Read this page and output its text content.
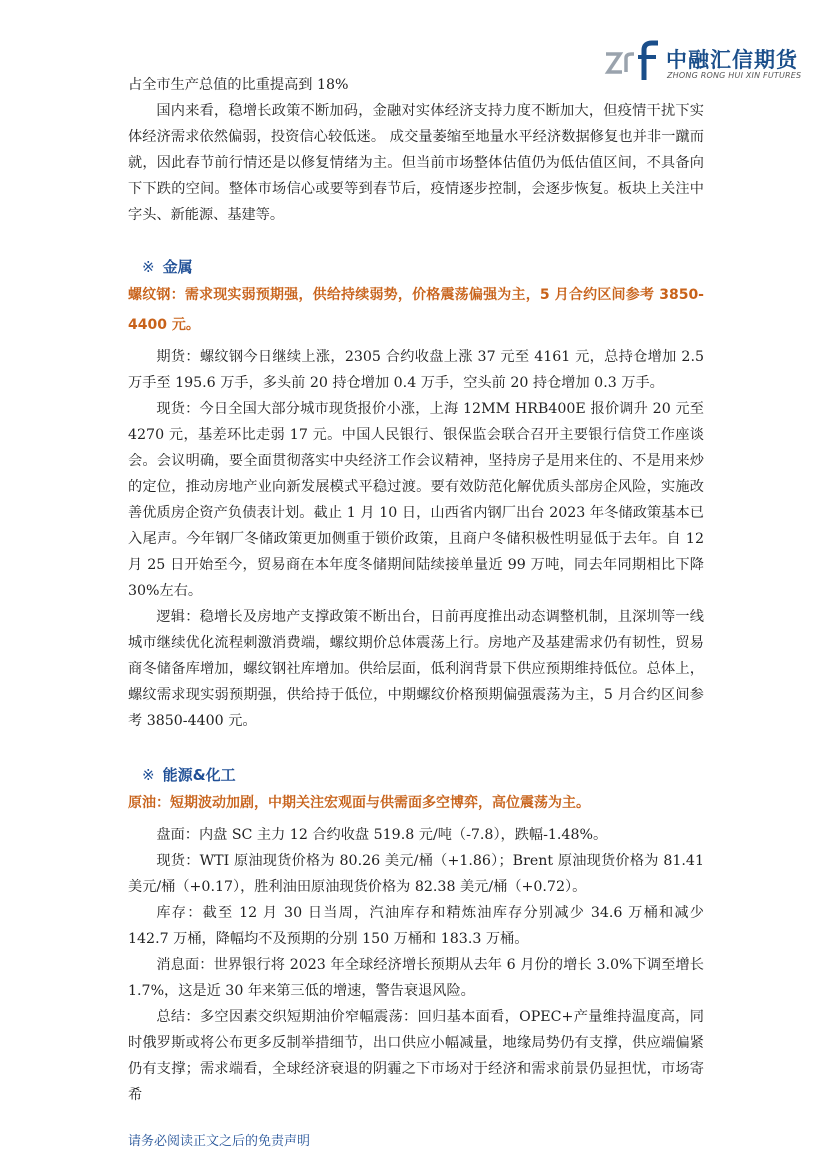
中融汇信期货
ZHONG RONG HUI XIN FUTURES

占全市生产总值的比重提高到 18%

国内来看，稳增长政策不断加码，金融对实体经济支持力度不断加大，但疫情干扰下实体经济需求依然偏弱，投资信心较低迷。 成交量萎缩至地量水平经济数据修复也并非一蹴而就，因此春节前行情还是以修复情绪为主。但当前市场整体估值仍为低估值区间，不具备向下下跌的空间。整体市场信心或要等到春节后，疫情逐步控制，会逐步恢复。板块上关注中字头、新能源、基建等。

※ 金属

螺纹钢：需求现实弱预期强，供给持续弱势，价格震荡偏强为主，5 月合约区间参考 3850-4400 元。

期货：螺纹钢今日继续上涨，2305 合约收盘上涨 37 元至 4161 元，总持仓增加 2.5 万手至 195.6 万手，多头前 20 持仓增加 0.4 万手，空头前 20 持仓增加 0.3 万手。

现货：今日全国大部分城市现货报价小涨，上海 12MM HRB400E 报价调升 20 元至 4270 元，基差环比走弱 17 元。中国人民银行、银保监会联合召开主要银行信贷工作座谈会。会议明确，要全面贯彻落实中央经济工作会议精神，坚持房子是用来住的、不是用来炒的定位，推动房地产业向新发展模式平稳过渡。要有效防范化解优质头部房企风险，实施改善优质房企资产负债表计划。截止 1 月 10 日，山西省内钢厂出台 2023 年冬储政策基本已入尾声。今年钢厂冬储政策更加侧重于锁价政策，且商户冬储积极性明显低于去年。自 12 月 25 日开始至今，贸易商在本年度冬储期间陆续接单量近 99 万吨，同去年同期相比下降 30%左右。

逻辑：稳增长及房地产支撑政策不断出台，日前再度推出动态调整机制，且深圳等一线城市继续优化流程刺激消费端，螺纹期价总体震荡上行。房地产及基建需求仍有韧性，贸易商冬储备库增加，螺纹钢社库增加。供给层面，低利润背景下供应预期维持低位。总体上，螺纹需求现实弱预期强，供给持于低位，中期螺纹价格预期偏强震荡为主，5 月合约区间参考 3850-4400 元。

※ 能源&化工

原油：短期波动加剧，中期关注宏观面与供需面多空博弈，高位震荡为主。

盘面：内盘 SC 主力 12 合约收盘 519.8 元/吨（-7.8），跌幅-1.48%。

现货：WTI 原油现货价格为 80.26 美元/桶（+1.86）；Brent 原油现货价格为 81.41 美元/桶（+0.17），胜利油田原油现货价格为 82.38 美元/桶（+0.72）。

库存：截至 12 月 30 日当周，汽油库存和精炼油库存分别减少 34.6 万桶和减少 142.7 万桶，降幅均不及预期的分别 150 万桶和 183.3 万桶。

消息面：世界银行将 2023 年全球经济增长预期从去年 6 月份的增长 3.0%下调至增长 1.7%，这是近 30 年来第三低的增速，警告衰退风险。

总结：多空因素交织短期油价窄幅震荡：回归基本面看，OPEC+产量维持温度高，同时俄罗斯或将公布更多反制举措细节，出口供应小幅减量，地缘局势仍有支撑，供应端偏紧仍有支撑；需求端看，全球经济衰退的阴霾之下市场对于经济和需求前景仍显担忧，市场寄希

请务必阅读正文之后的免责声明
